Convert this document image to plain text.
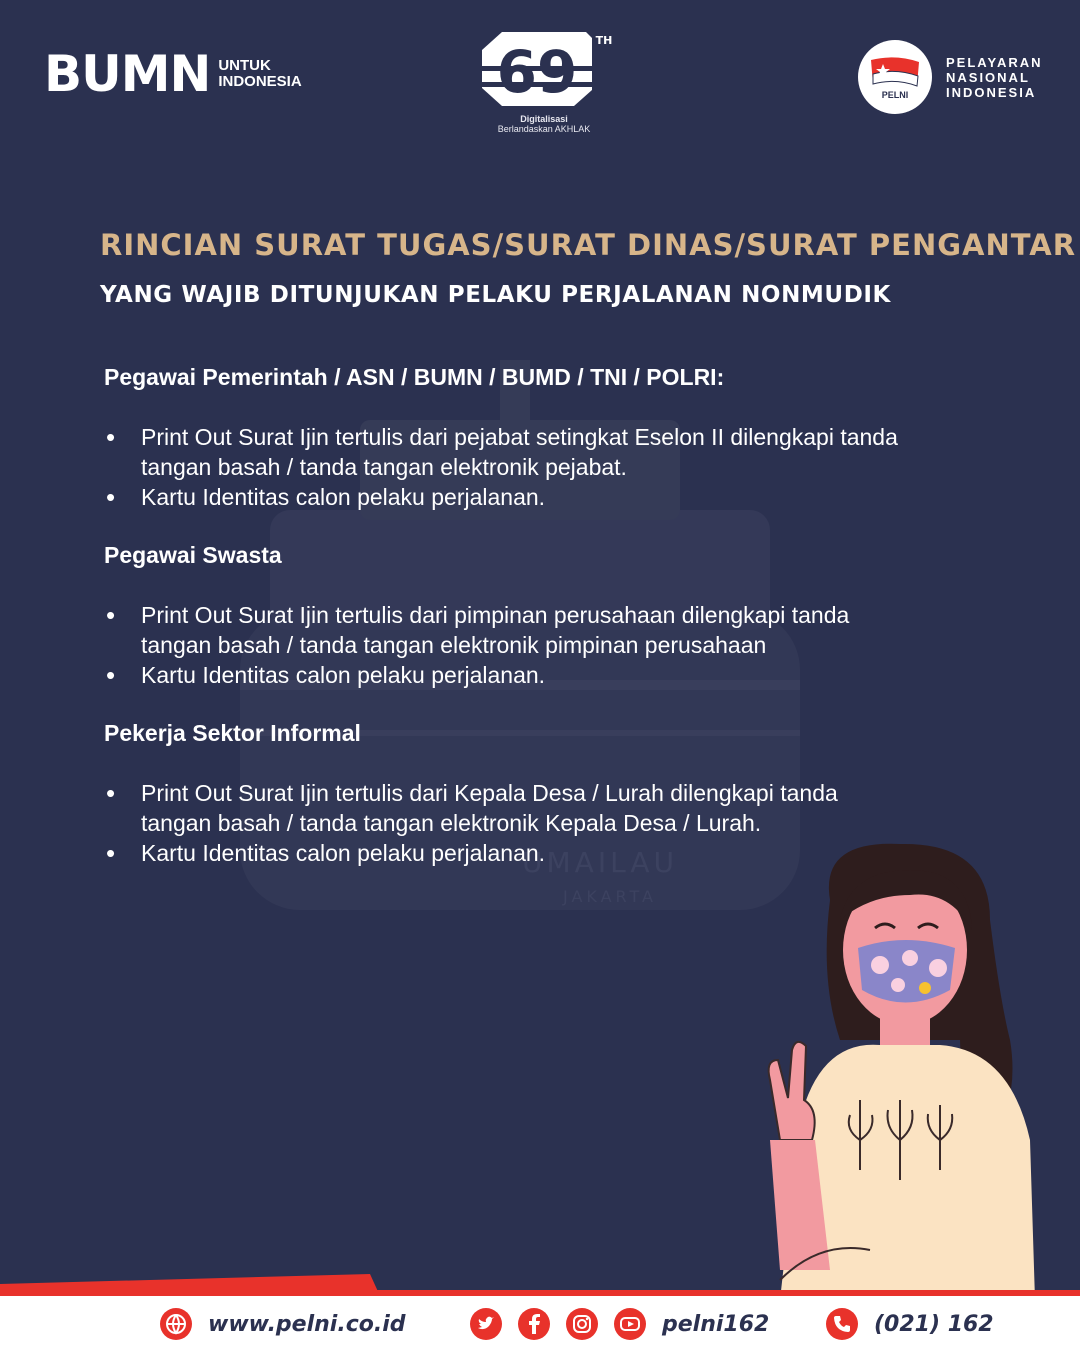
UMAILAU
JAKARTA
BUMN UNTUK
INDONESIA	69 TH
Digitalisasi
Berlandaskan AKHLAK
PELNI
PELAYARAN
NASIONAL
INDONESIA
RINCIAN SURAT TUGAS/SURAT DINAS/SURAT PENGANTAR
YANG WAJIB DITUNJUKAN PELAKU PERJALANAN NONMUDIK
Pegawai Pemerintah / ASN / BUMN / BUMD / TNI / POLRI:
• Print Out Surat Ijin tertulis dari pejabat setingkat Eselon II dilengkapi tanda tangan basah / tanda tangan elektronik pejabat.
• Kartu Identitas calon pelaku perjalanan.
Pegawai Swasta
• Print Out Surat Ijin tertulis dari pimpinan perusahaan dilengkapi tanda tangan basah / tanda tangan elektronik pimpinan perusahaan
• Kartu Identitas calon pelaku perjalanan.
Pekerja Sektor Informal
• Print Out Surat Ijin tertulis dari Kepala Desa / Lurah dilengkapi tanda tangan basah / tanda tangan elektronik Kepala Desa / Lurah.
• Kartu Identitas calon pelaku perjalanan.
www.pelni.co.id	pelni162	(021) 162
